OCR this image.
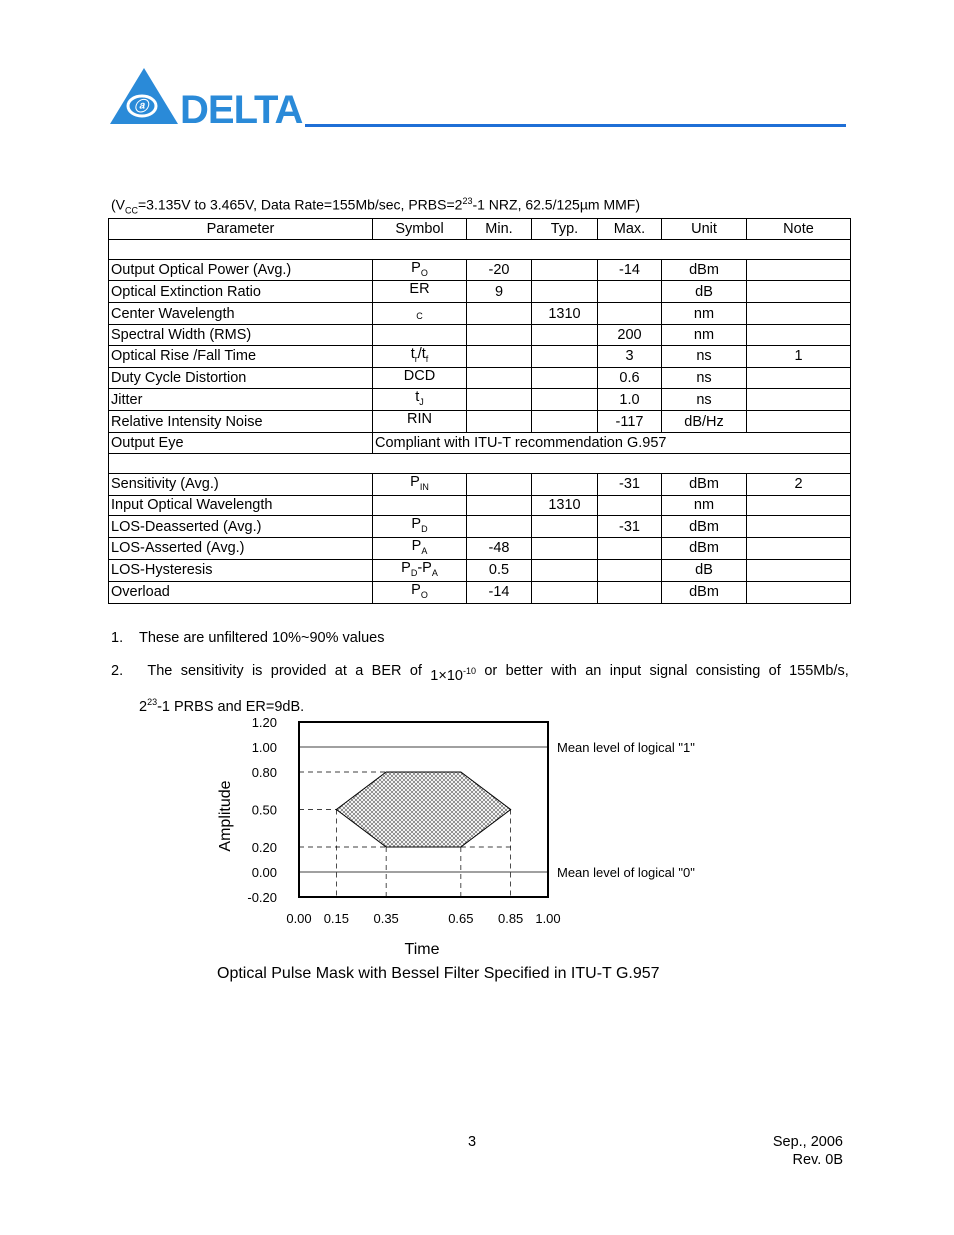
ⓐ DELTA
($V_{CC}=3.135V$ to 3.465V, Data Rate=155Mb/sec, $PRBS=2^{23}-1$ NRZ, 62.5/125µm MMF)
Parameter	Symbol	Min.	Typ.	Max.	Unit	Note

Output Optical Power (Avg.)	$P_O$	-20		-14	dBm	
Optical Extinction Ratio	ER	9			dB	
Center Wavelength	$_C$		1310		nm	
Spectral Width (RMS)				200	nm	
Optical Rise /Fall Time	$t_r/t_f$			3	ns	1
Duty Cycle Distortion	DCD			0.6	ns	
Jitter	$t_J$			1.0	ns	
Relative Intensity Noise	RIN			-117	dB/Hz	
Output Eye	Compliant with ITU-T recommendation G.957					

Sensitivity (Avg.)	$P_{IN}$			-31	dBm	2
Input Optical Wavelength			1310		nm	
LOS-Deasserted (Avg.)	$P_D$			-31	dBm	
LOS-Asserted (Avg.)	$P_A$	-48			dBm	
LOS-Hysteresis	$P_D-P_A$	0.5			dB	
Overload	$P_O$	-14			dBm	
1. These are unfiltered 10%~90% values
2.	The sensitivity is provided at a BER of $1\times 10^{-10}$ or better with an input signal consisting of 155Mb/s,
$2^{23}-1$ PRBS and ER=9dB.
Mean level of logical "1"
Mean level of logical "0"
1.20
1.00
0.80
0.50
0.20
0.00
-0.20
0.00 0.15 0.35	0.65 0.85 1.00
Time
Amplitude
Optical Pulse Mask with Bessel Filter Specified in ITU-T G.957
3	Sep., 2006
Rev. 0B
